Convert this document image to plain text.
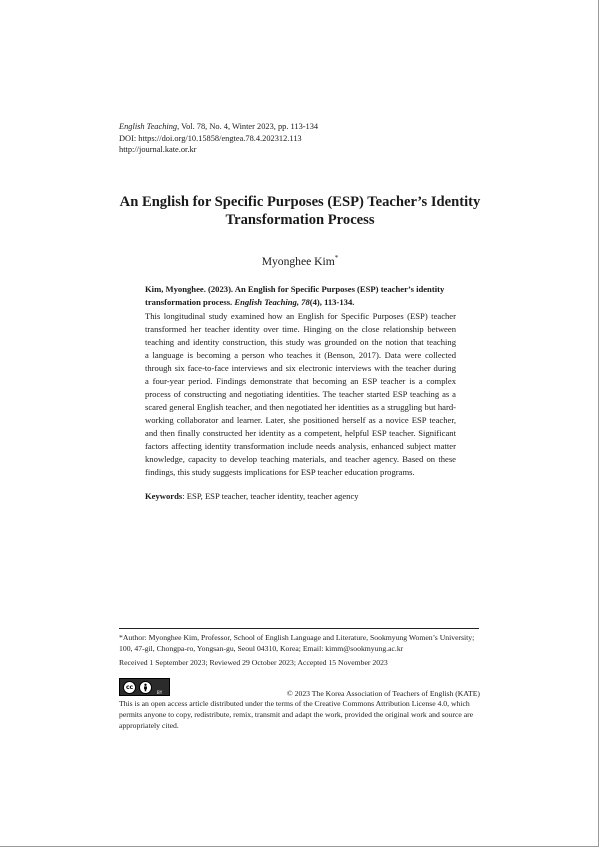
English Teaching, Vol. 78, No. 4, Winter 2023, pp. 113-134
DOI: https://doi.org/10.15858/engtea.78.4.202312.113
http://journal.kate.or.kr
An English for Specific Purposes (ESP) Teacher’s Identity
Transformation Process
Myonghee Kim*
Kim, Myonghee. (2023). An English for Specific Purposes (ESP) teacher’s identity
transformation process. English Teaching, 78(4), 113-134.
This longitudinal study examined how an English for Specific Purposes (ESP) teacher
transformed her teacher identity over time. Hinging on the close relationship between
teaching and identity construction, this study was grounded on the notion that teaching
a language is becoming a person who teaches it (Benson, 2017). Data were collected
through six face-to-face interviews and six electronic interviews with the teacher during
a four-year period. Findings demonstrate that becoming an ESP teacher is a complex
process of constructing and negotiating identities. The teacher started ESP teaching as a
scared general English teacher, and then negotiated her identities as a struggling but hard-
working collaborator and learner. Later, she positioned herself as a novice ESP teacher,
and then finally constructed her identity as a competent, helpful ESP teacher. Significant
factors affecting identity transformation include needs analysis, enhanced subject matter
knowledge, capacity to develop teaching materials, and teacher agency. Based on these
findings, this study suggests implications for ESP teacher education programs.
Keywords: ESP, ESP teacher, teacher identity, teacher agency
*Author: Myonghee Kim, Professor, School of English Language and Literature, Sookmyung Women’s University;
100, 47-gil, Chongpa-ro, Yongsan-gu, Seoul 04310, Korea; Email: kimm@sookmyung.ac.kr
Received 1 September 2023; Reviewed 29 October 2023; Accepted 15 November 2023
cc
BY	© 2023 The Korea Association of Teachers of English (KATE)
This is an open access article distributed under the terms of the Creative Commons Attribution License 4.0, which
permits anyone to copy, redistribute, remix, transmit and adapt the work, provided the original work and source are
appropriately cited.
